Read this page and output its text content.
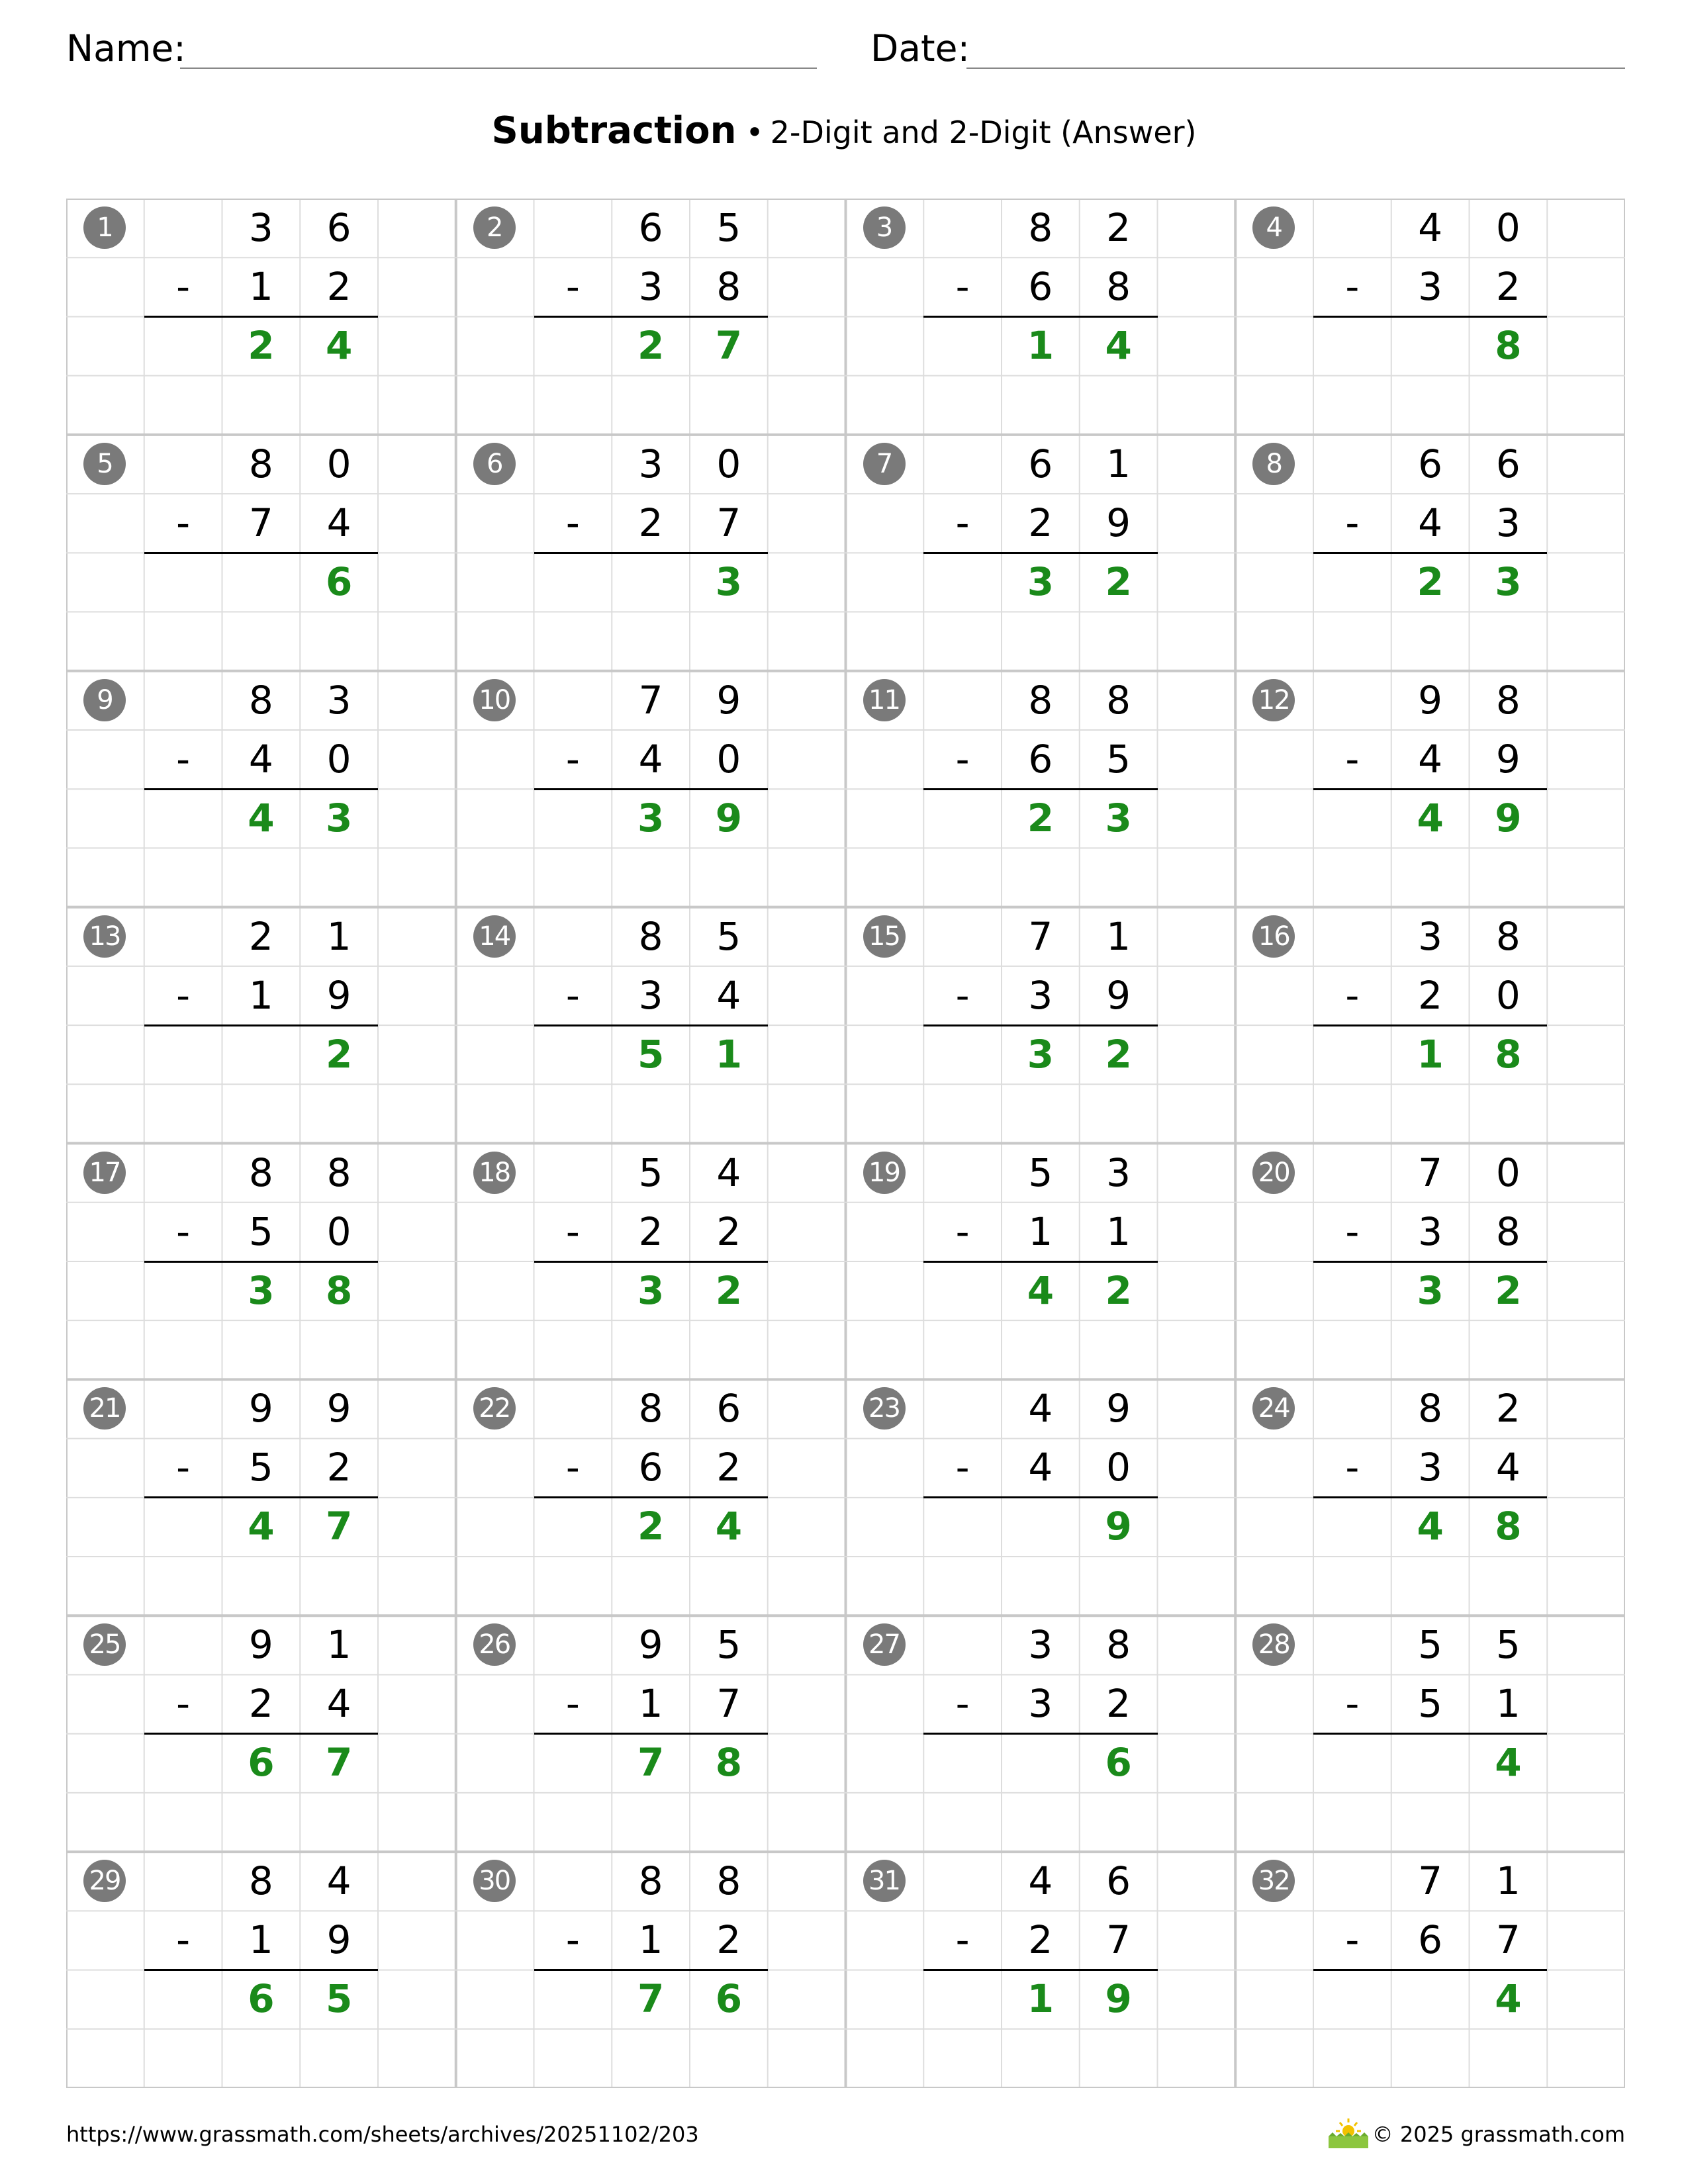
Name:	Date:
Subtraction • 2-Digit and 2-Digit (Answer)
1	3	6
-	1	2
2	4
2	6	5
-	3	8
2	7
3	8	2
-	6	8
1	4
4	4	0
-	3	2
8
5	8	0
-	7	4
6
6	3	0
-	2	7
3
7	6	1
-	2	9
3	2
8	6	6
-	4	3
2	3
9	8	3
-	4	0
4	3
10	7	9
-	4	0
3	9
11	8	8
-	6	5
2	3
12	9	8
-	4	9
4	9
13	2	1
-	1	9
2
14	8	5
-	3	4
5	1
15	7	1
-	3	9
3	2
16	3	8
-	2	0
1	8
17	8	8
-	5	0
3	8
18	5	4
-	2	2
3	2
19	5	3
-	1	1
4	2
20	7	0
-	3	8
3	2
21	9	9
-	5	2
4	7
22	8	6
-	6	2
2	4
23	4	9
-	4	0
9
24	8	2
-	3	4
4	8
25	9	1
-	2	4
6	7
26	9	5
-	1	7
7	8
27	3	8
-	3	2
6
28	5	5
-	5	1
4
29	8	4
-	1	9
6	5
30	8	8
-	1	2
7	6
31	4	6
-	2	7
1	9
32	7	1
-	6	7
4
https://www.grassmath.com/sheets/archives/20251102/203	© 2025 grassmath.com
